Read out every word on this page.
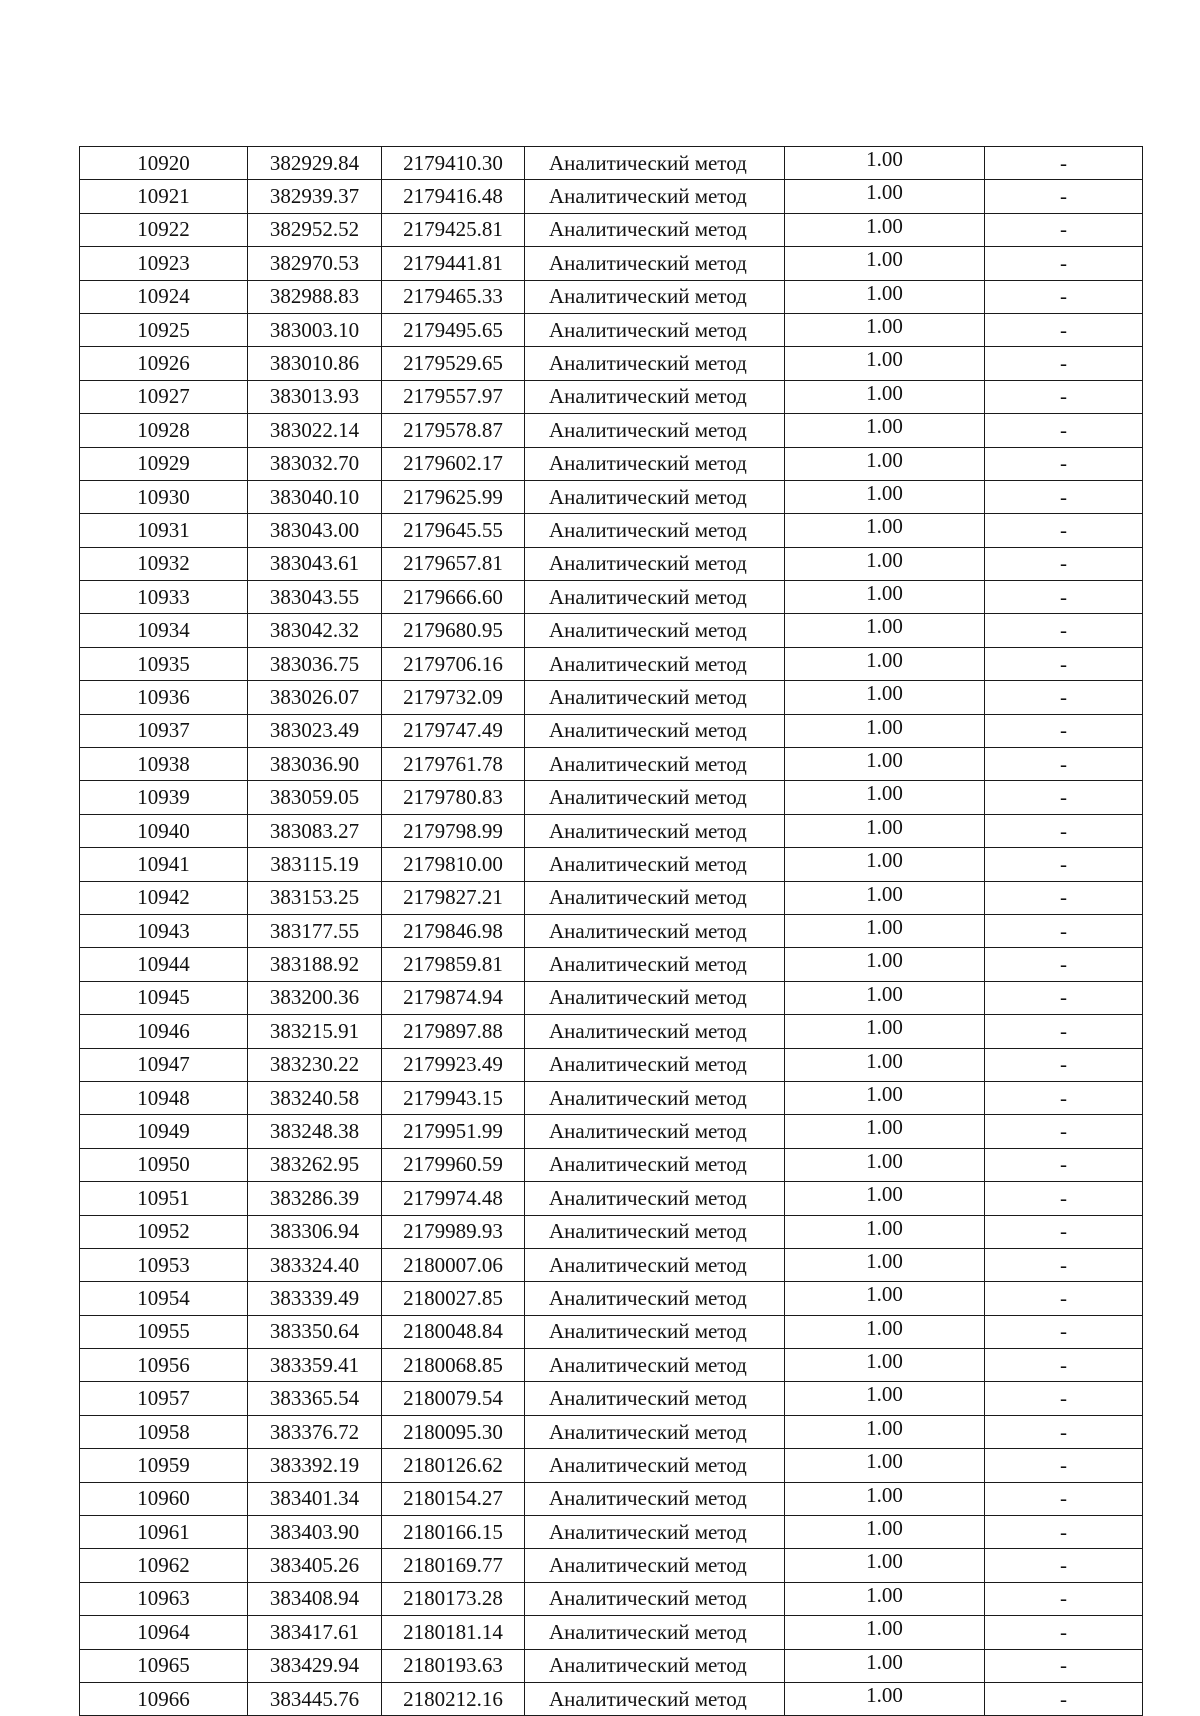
10920	382929.84	2179410.30	Аналитический метод	1.00	-
10921	382939.37	2179416.48	Аналитический метод	1.00	-
10922	382952.52	2179425.81	Аналитический метод	1.00	-
10923	382970.53	2179441.81	Аналитический метод	1.00	-
10924	382988.83	2179465.33	Аналитический метод	1.00	-
10925	383003.10	2179495.65	Аналитический метод	1.00	-
10926	383010.86	2179529.65	Аналитический метод	1.00	-
10927	383013.93	2179557.97	Аналитический метод	1.00	-
10928	383022.14	2179578.87	Аналитический метод	1.00	-
10929	383032.70	2179602.17	Аналитический метод	1.00	-
10930	383040.10	2179625.99	Аналитический метод	1.00	-
10931	383043.00	2179645.55	Аналитический метод	1.00	-
10932	383043.61	2179657.81	Аналитический метод	1.00	-
10933	383043.55	2179666.60	Аналитический метод	1.00	-
10934	383042.32	2179680.95	Аналитический метод	1.00	-
10935	383036.75	2179706.16	Аналитический метод	1.00	-
10936	383026.07	2179732.09	Аналитический метод	1.00	-
10937	383023.49	2179747.49	Аналитический метод	1.00	-
10938	383036.90	2179761.78	Аналитический метод	1.00	-
10939	383059.05	2179780.83	Аналитический метод	1.00	-
10940	383083.27	2179798.99	Аналитический метод	1.00	-
10941	383115.19	2179810.00	Аналитический метод	1.00	-
10942	383153.25	2179827.21	Аналитический метод	1.00	-
10943	383177.55	2179846.98	Аналитический метод	1.00	-
10944	383188.92	2179859.81	Аналитический метод	1.00	-
10945	383200.36	2179874.94	Аналитический метод	1.00	-
10946	383215.91	2179897.88	Аналитический метод	1.00	-
10947	383230.22	2179923.49	Аналитический метод	1.00	-
10948	383240.58	2179943.15	Аналитический метод	1.00	-
10949	383248.38	2179951.99	Аналитический метод	1.00	-
10950	383262.95	2179960.59	Аналитический метод	1.00	-
10951	383286.39	2179974.48	Аналитический метод	1.00	-
10952	383306.94	2179989.93	Аналитический метод	1.00	-
10953	383324.40	2180007.06	Аналитический метод	1.00	-
10954	383339.49	2180027.85	Аналитический метод	1.00	-
10955	383350.64	2180048.84	Аналитический метод	1.00	-
10956	383359.41	2180068.85	Аналитический метод	1.00	-
10957	383365.54	2180079.54	Аналитический метод	1.00	-
10958	383376.72	2180095.30	Аналитический метод	1.00	-
10959	383392.19	2180126.62	Аналитический метод	1.00	-
10960	383401.34	2180154.27	Аналитический метод	1.00	-
10961	383403.90	2180166.15	Аналитический метод	1.00	-
10962	383405.26	2180169.77	Аналитический метод	1.00	-
10963	383408.94	2180173.28	Аналитический метод	1.00	-
10964	383417.61	2180181.14	Аналитический метод	1.00	-
10965	383429.94	2180193.63	Аналитический метод	1.00	-
10966	383445.76	2180212.16	Аналитический метод	1.00	-
